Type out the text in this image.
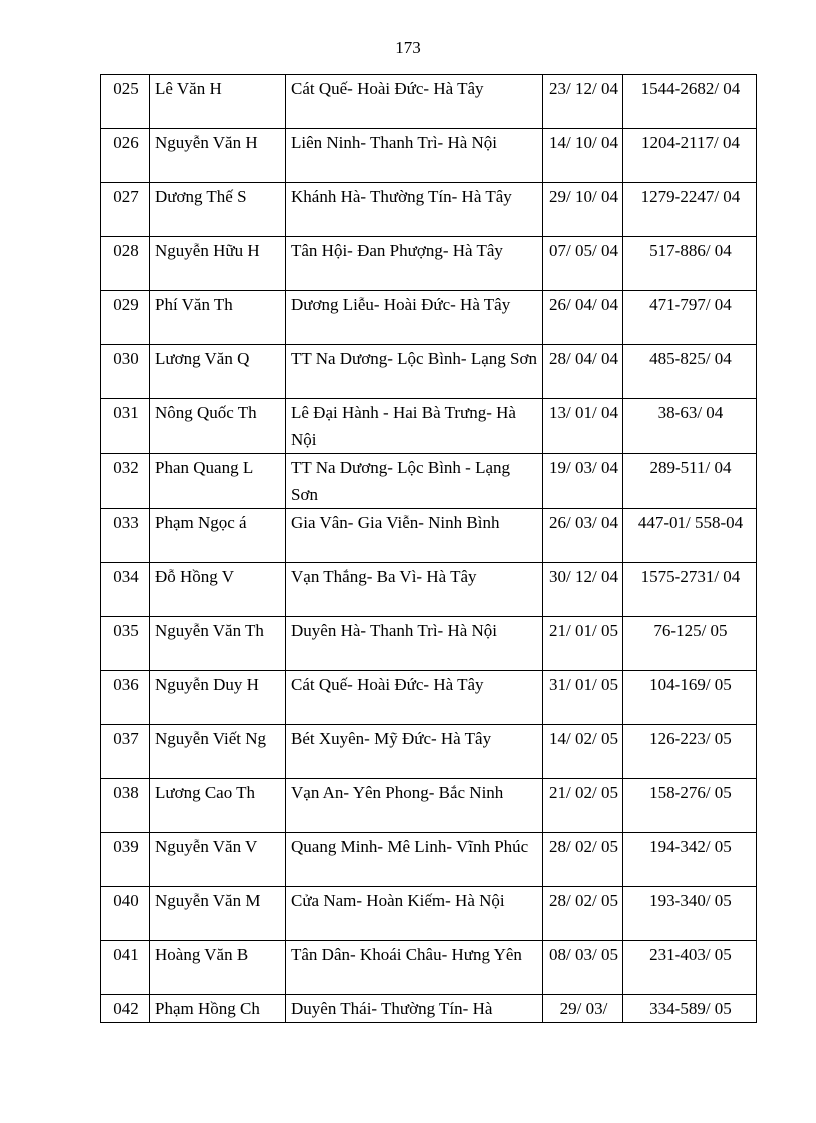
173
025	Lê Văn H	Cát Quế- Hoài Đức- Hà Tây	23/ 12/ 04	1544-2682/ 04
026	Nguyễn Văn H	Liên Ninh- Thanh Trì- Hà Nội	14/ 10/ 04	1204-2117/ 04
027	Dương Thế S	Khánh Hà- Thường Tín- Hà Tây	29/ 10/ 04	1279-2247/ 04
028	Nguyễn Hữu H	Tân Hội- Đan Phượng- Hà Tây	07/ 05/ 04	517-886/ 04
029	Phí Văn Th	Dương Liễu- Hoài Đức- Hà Tây	26/ 04/ 04	471-797/ 04
030	Lương Văn Q	TT Na Dương- Lộc Bình- Lạng Sơn	28/ 04/ 04	485-825/ 04
031	Nông Quốc Th	Lê Đại Hành - Hai Bà Trưng- Hà Nội	13/ 01/ 04	38-63/ 04
032	Phan Quang L	TT Na Dương- Lộc Bình - Lạng Sơn	19/ 03/ 04	289-511/ 04
033	Phạm Ngọc á	Gia Vân- Gia Viễn- Ninh Bình	26/ 03/ 04	447-01/ 558-04
034	Đỗ Hồng V	Vạn Thắng- Ba Vì- Hà Tây	30/ 12/ 04	1575-2731/ 04
035	Nguyễn Văn Th	Duyên Hà- Thanh Trì- Hà Nội	21/ 01/ 05	76-125/ 05
036	Nguyễn Duy H	Cát Quế- Hoài Đức- Hà Tây	31/ 01/ 05	104-169/ 05
037	Nguyễn Viết Ng	Bét Xuyên- Mỹ Đức- Hà Tây	14/ 02/ 05	126-223/ 05
038	Lương Cao Th	Vạn An- Yên Phong- Bắc Ninh	21/ 02/ 05	158-276/ 05
039	Nguyễn Văn V	Quang Minh- Mê Linh- Vĩnh Phúc	28/ 02/ 05	194-342/ 05
040	Nguyễn Văn M	Cửa Nam- Hoàn Kiếm- Hà Nội	28/ 02/ 05	193-340/ 05
041	Hoàng Văn B	Tân Dân- Khoái Châu- Hưng Yên	08/ 03/ 05	231-403/ 05
042	Phạm Hồng Ch	Duyên Thái- Thường Tín- Hà	29/ 03/	334-589/ 05
